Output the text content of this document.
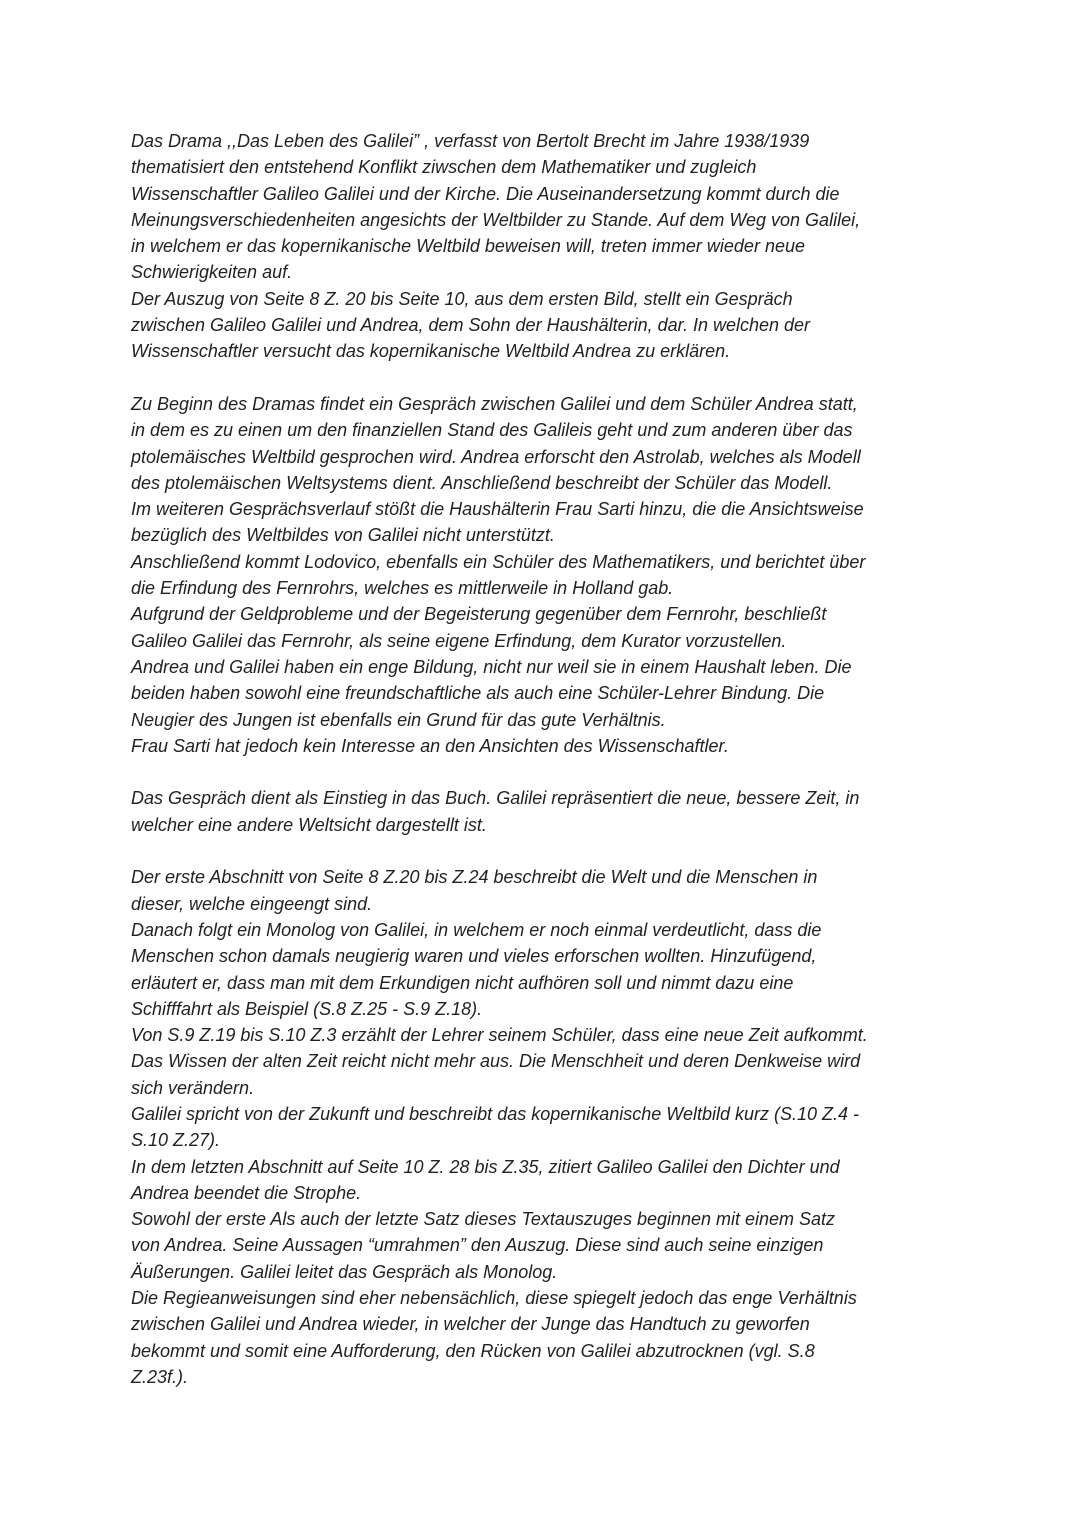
Das Drama ,,Das Leben des Galilei” , verfasst von Bertolt Brecht im Jahre 1938/1939
thematisiert den entstehend Konflikt ziwschen dem Mathematiker und zugleich
Wissenschaftler Galileo Galilei und der Kirche. Die Auseinandersetzung kommt durch die
Meinungsverschiedenheiten angesichts der Weltbilder zu Stande. Auf dem Weg von Galilei,
in welchem er das kopernikanische Weltbild beweisen will, treten immer wieder neue
Schwierigkeiten auf.
Der Auszug von Seite 8 Z. 20 bis Seite 10, aus dem ersten Bild, stellt ein Gespräch
zwischen Galileo Galilei und Andrea, dem Sohn der Haushälterin, dar. In welchen der
Wissenschaftler versucht das kopernikanische Weltbild Andrea zu erklären.
Zu Beginn des Dramas findet ein Gespräch zwischen Galilei und dem Schüler Andrea statt,
in dem es zu einen um den finanziellen Stand des Galileis geht und zum anderen über das
ptolemäisches Weltbild gesprochen wird. Andrea erforscht den Astrolab, welches als Modell
des ptolemäischen Weltsystems dient. Anschließend beschreibt der Schüler das Modell.
Im weiteren Gesprächsverlauf stößt die Haushälterin Frau Sarti hinzu, die die Ansichtsweise
bezüglich des Weltbildes von Galilei nicht unterstützt.
Anschließend kommt Lodovico, ebenfalls ein Schüler des Mathematikers, und berichtet über
die Erfindung des Fernrohrs, welches es mittlerweile in Holland gab.
Aufgrund der Geldprobleme und der Begeisterung gegenüber dem Fernrohr, beschließt
Galileo Galilei das Fernrohr, als seine eigene Erfindung, dem Kurator vorzustellen.
Andrea und Galilei haben ein enge Bildung, nicht nur weil sie in einem Haushalt leben. Die
beiden haben sowohl eine freundschaftliche als auch eine Schüler-Lehrer Bindung. Die
Neugier des Jungen ist ebenfalls ein Grund für das gute Verhältnis.
Frau Sarti hat jedoch kein Interesse an den Ansichten des Wissenschaftler.
Das Gespräch dient als Einstieg in das Buch. Galilei repräsentiert die neue, bessere Zeit, in
welcher eine andere Weltsicht dargestellt ist.
Der erste Abschnitt von Seite 8 Z.20 bis Z.24 beschreibt die Welt und die Menschen in
dieser, welche eingeengt sind.
Danach folgt ein Monolog von Galilei, in welchem er noch einmal verdeutlicht, dass die
Menschen schon damals neugierig waren und vieles erforschen wollten. Hinzufügend,
erläutert er, dass man mit dem Erkundigen nicht aufhören soll und nimmt dazu eine
Schifffahrt als Beispiel (S.8 Z.25 - S.9 Z.18).
Von S.9 Z.19 bis S.10 Z.3 erzählt der Lehrer seinem Schüler, dass eine neue Zeit aufkommt.
Das Wissen der alten Zeit reicht nicht mehr aus. Die Menschheit und deren Denkweise wird
sich verändern.
Galilei spricht von der Zukunft und beschreibt das kopernikanische Weltbild kurz (S.10 Z.4 -
S.10 Z.27).
In dem letzten Abschnitt auf Seite 10 Z. 28 bis Z.35, zitiert Galileo Galilei den Dichter und
Andrea beendet die Strophe.
Sowohl der erste Als auch der letzte Satz dieses Textauszuges beginnen mit einem Satz
von Andrea. Seine Aussagen “umrahmen” den Auszug. Diese sind auch seine einzigen
Äußerungen. Galilei leitet das Gespräch als Monolog.
Die Regieanweisungen sind eher nebensächlich, diese spiegelt jedoch das enge Verhältnis
zwischen Galilei und Andrea wieder, in welcher der Junge das Handtuch zu geworfen
bekommt und somit eine Aufforderung, den Rücken von Galilei abzutrocknen (vgl. S.8
Z.23f.).
